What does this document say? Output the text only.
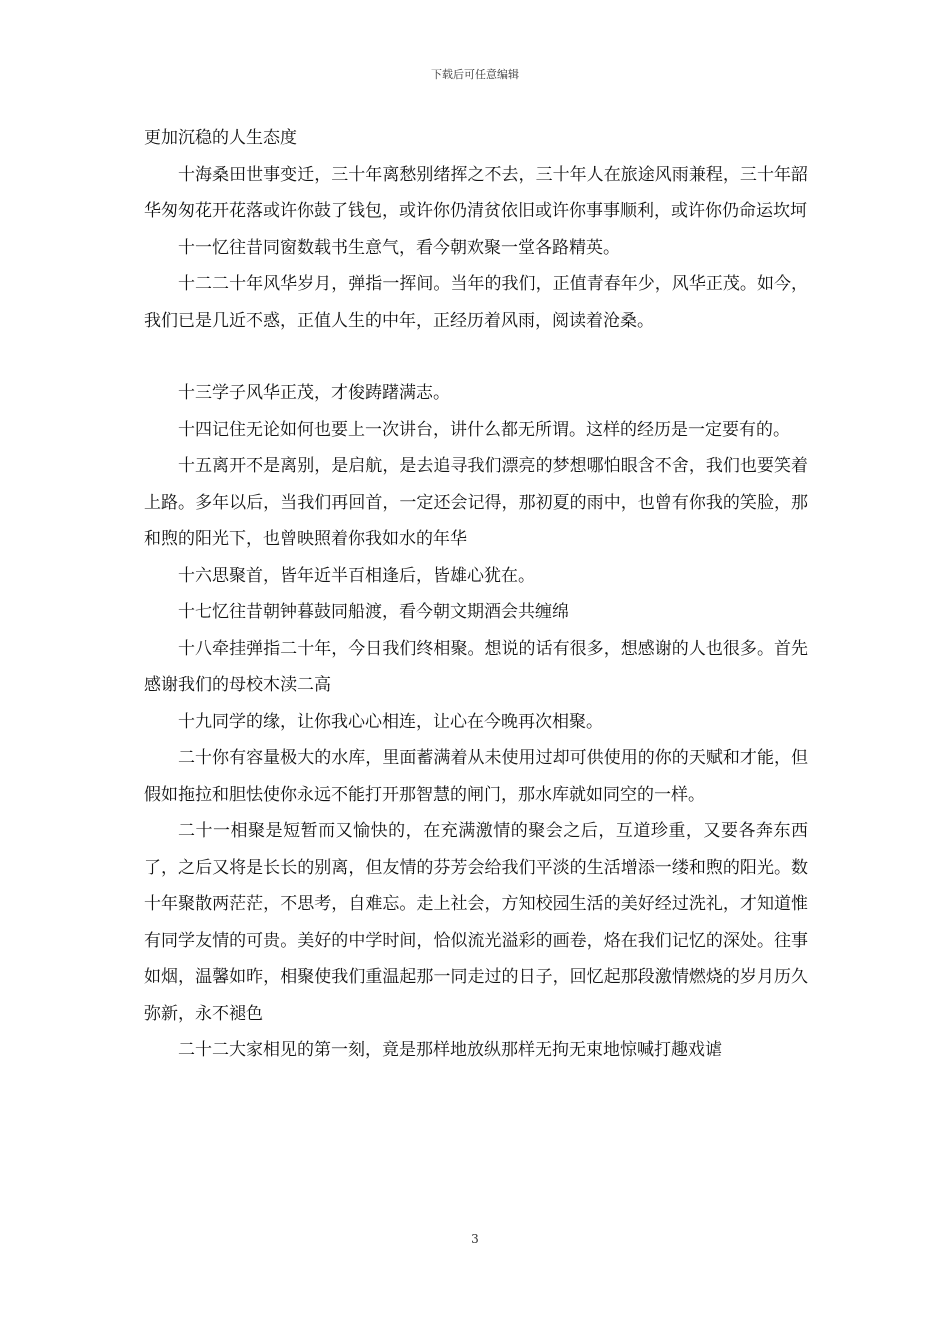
下载后可任意编辑

更加沉稳的人生态度

十海桑田世事变迁，三十年离愁别绪挥之不去，三十年人在旅途风雨兼程，三十年韶华匆匆花开花落或许你鼓了钱包，或许你仍清贫依旧或许你事事顺利，或许你仍命运坎坷

十一忆往昔同窗数载书生意气，看今朝欢聚一堂各路精英。

十二二十年风华岁月，弹指一挥间。当年的我们，正值青春年少，风华正茂。如今，我们已是几近不惑，正值人生的中年，正经历着风雨，阅读着沧桑。

十三学子风华正茂，才俊踌躇满志。

十四记住无论如何也要上一次讲台，讲什么都无所谓。这样的经历是一定要有的。

十五离开不是离别，是启航，是去追寻我们漂亮的梦想哪怕眼含不舍，我们也要笑着上路。多年以后，当我们再回首，一定还会记得，那初夏的雨中，也曾有你我的笑脸，那和煦的阳光下，也曾映照着你我如水的年华

十六思聚首，皆年近半百相逢后，皆雄心犹在。

十七忆往昔朝钟暮鼓同船渡，看今朝文期酒会共缠绵

十八牵挂弹指二十年，今日我们终相聚。想说的话有很多，想感谢的人也很多。首先感谢我们的母校木渎二高

十九同学的缘，让你我心心相连，让心在今晚再次相聚。

二十你有容量极大的水库，里面蓄满着从未使用过却可供使用的你的天赋和才能，但假如拖拉和胆怯使你永远不能打开那智慧的闸门，那水库就如同空的一样。

二十一相聚是短暂而又愉快的，在充满激情的聚会之后，互道珍重，又要各奔东西了，之后又将是长长的别离，但友情的芬芳会给我们平淡的生活增添一缕和煦的阳光。数十年聚散两茫茫，不思考，自难忘。走上社会，方知校园生活的美好经过洗礼，才知道惟有同学友情的可贵。美好的中学时间，恰似流光溢彩的画卷，烙在我们记忆的深处。往事如烟，温馨如昨，相聚使我们重温起那一同走过的日子，回忆起那段激情燃烧的岁月历久弥新，永不褪色

二十二大家相见的第一刻，竟是那样地放纵那样无拘无束地惊喊打趣戏谑

3
